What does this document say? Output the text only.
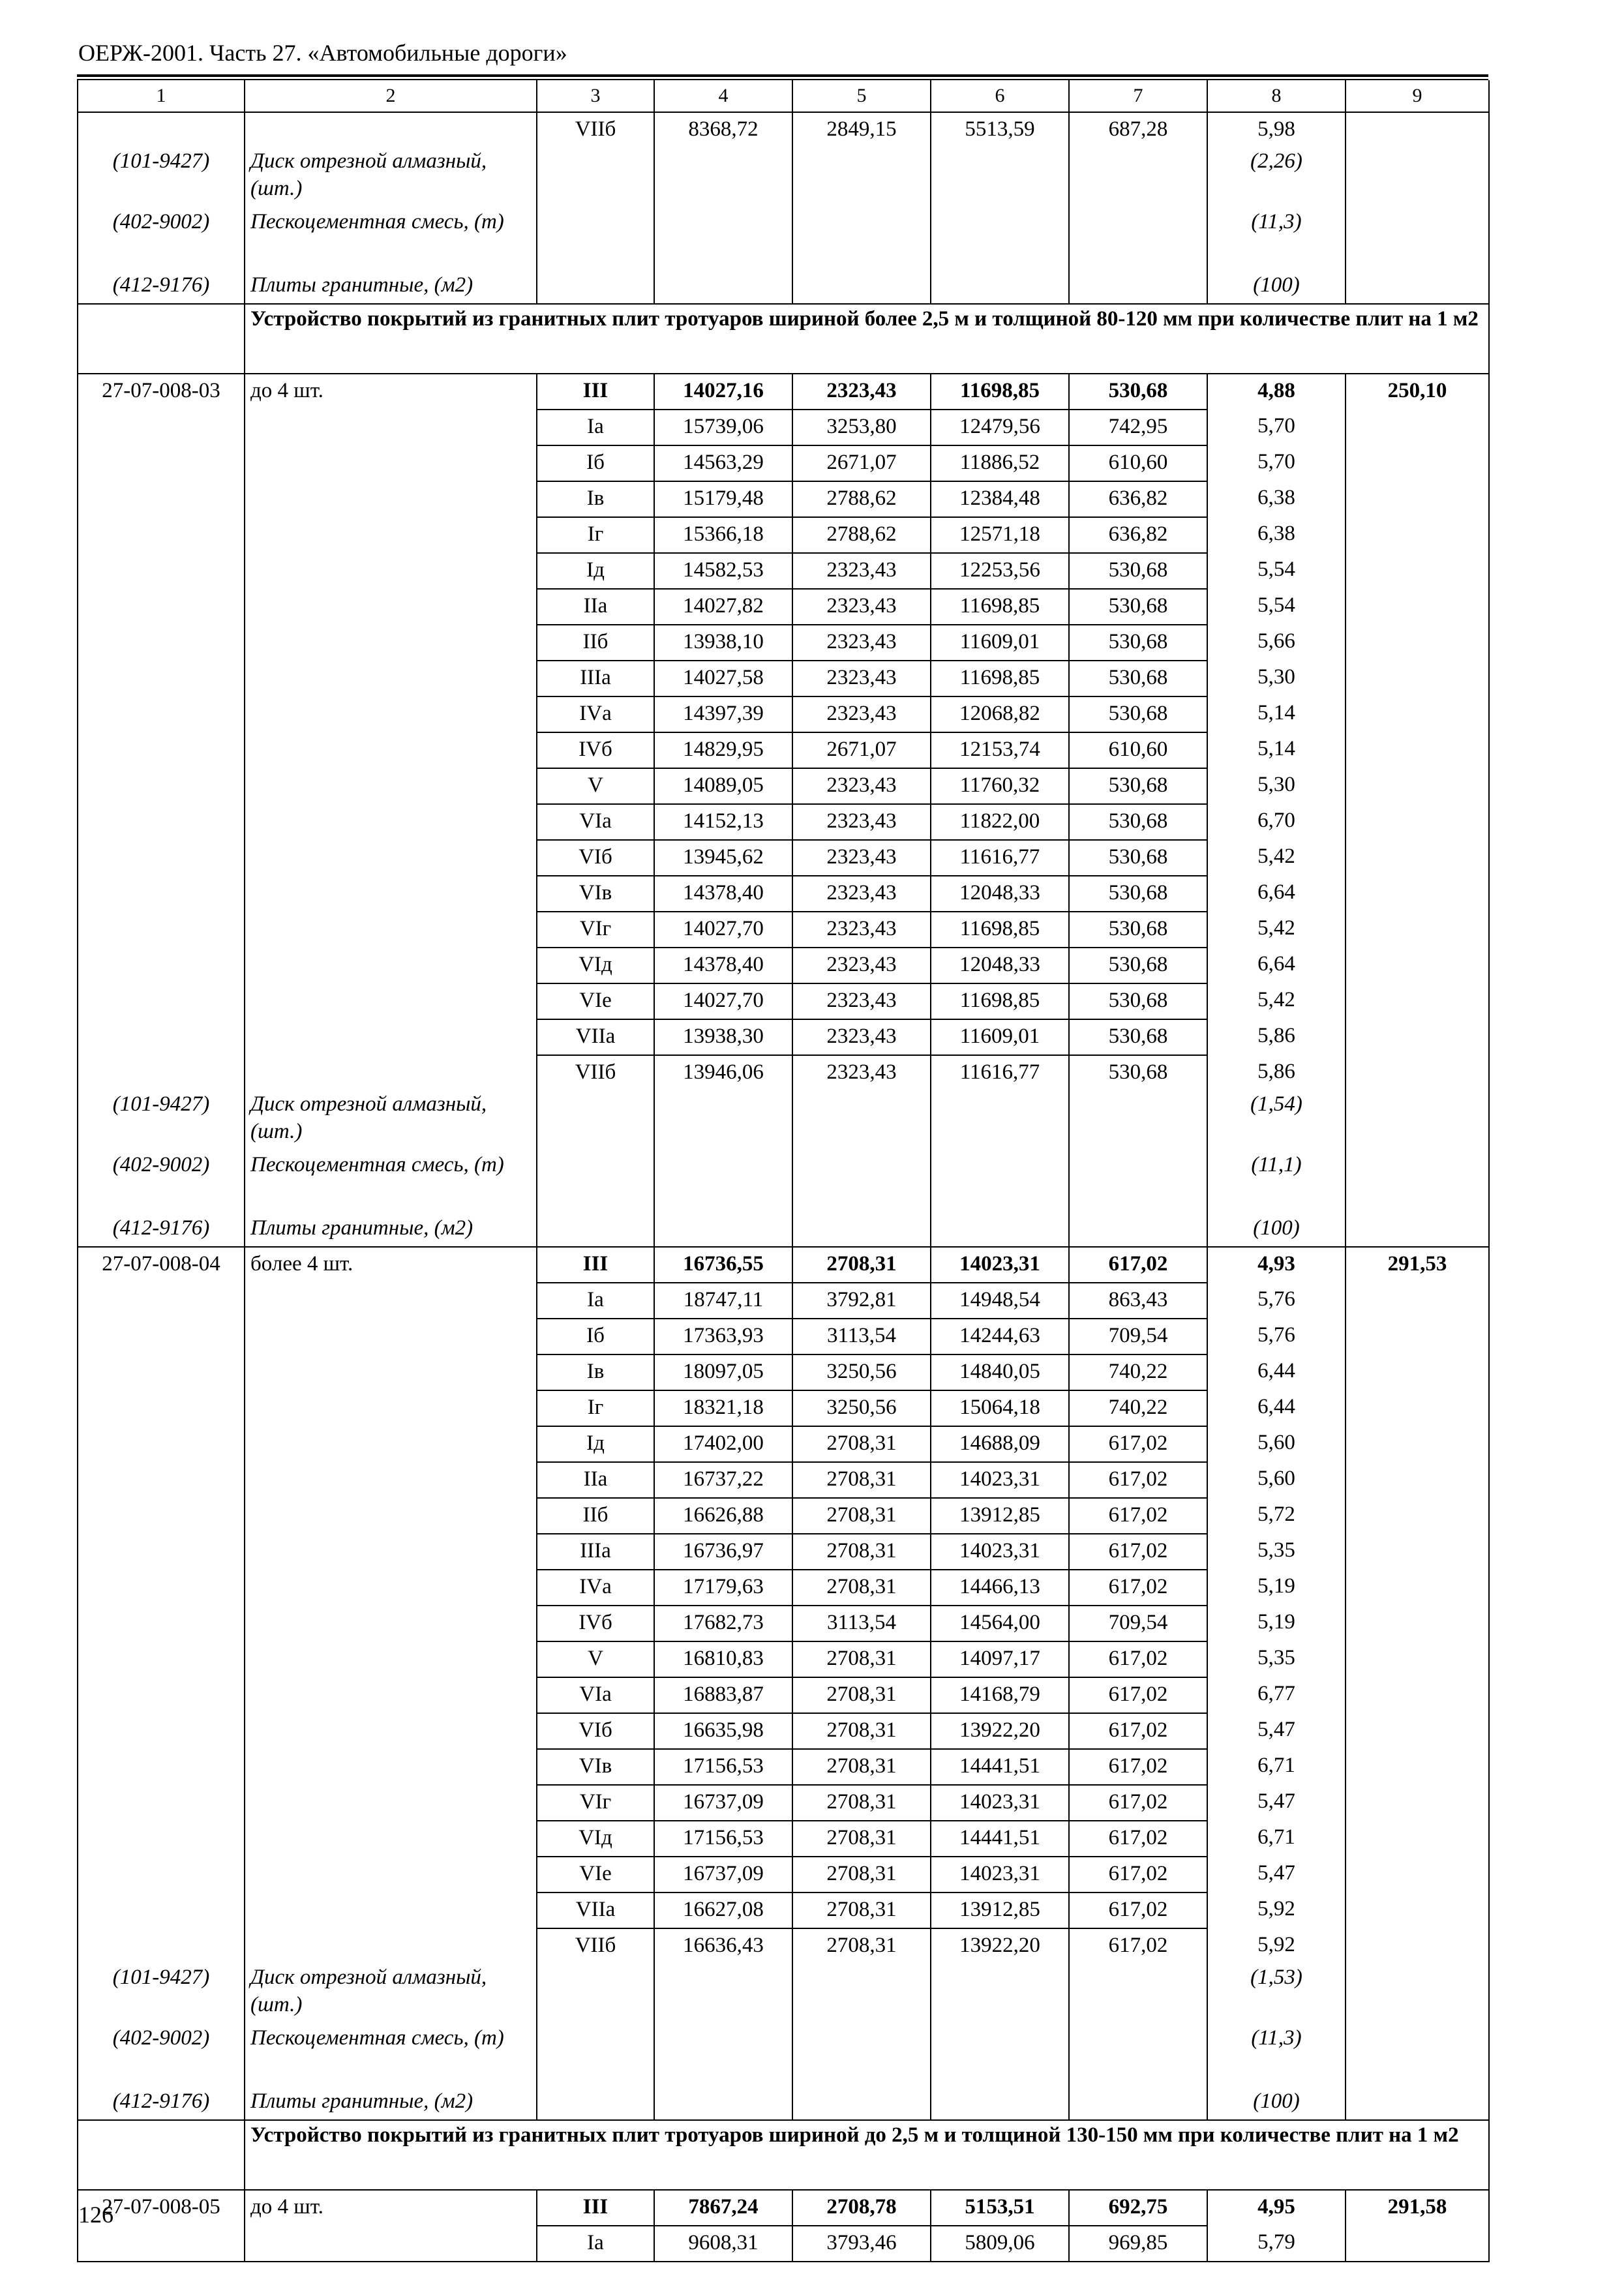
ОЕРЖ-2001. Часть 27. «Автомобильные дороги»
1	2	3	4	5	6	7	8	9
		VIIб	8368,72	2849,15	5513,59	687,28	5,98	
(101-9427)	Диск отрезной алмазный, (шт.)						(2,26)	
(402-9002)	Пескоцементная смесь, (т)						(11,3)	
(412-9176)	Плиты гранитные, (м2)						(100)	
	Устройство покрытий из гранитных плит тротуаров шириной более 2,5 м и толщиной 80-120 мм при количестве плит на 1 м2							
27-07-008-03	до 4 шт.	III	14027,16	2323,43	11698,85	530,68	4,88	250,10
		Iа	15739,06	3253,80	12479,56	742,95	5,70	
		Iб	14563,29	2671,07	11886,52	610,60	5,70	
		Iв	15179,48	2788,62	12384,48	636,82	6,38	
		Iг	15366,18	2788,62	12571,18	636,82	6,38	
		Iд	14582,53	2323,43	12253,56	530,68	5,54	
		IIа	14027,82	2323,43	11698,85	530,68	5,54	
		IIб	13938,10	2323,43	11609,01	530,68	5,66	
		IIIа	14027,58	2323,43	11698,85	530,68	5,30	
		IVа	14397,39	2323,43	12068,82	530,68	5,14	
		IVб	14829,95	2671,07	12153,74	610,60	5,14	
		V	14089,05	2323,43	11760,32	530,68	5,30	
		VIа	14152,13	2323,43	11822,00	530,68	6,70	
		VIб	13945,62	2323,43	11616,77	530,68	5,42	
		VIв	14378,40	2323,43	12048,33	530,68	6,64	
		VIг	14027,70	2323,43	11698,85	530,68	5,42	
		VIд	14378,40	2323,43	12048,33	530,68	6,64	
		VIе	14027,70	2323,43	11698,85	530,68	5,42	
		VIIа	13938,30	2323,43	11609,01	530,68	5,86	
		VIIб	13946,06	2323,43	11616,77	530,68	5,86	
(101-9427)	Диск отрезной алмазный, (шт.)						(1,54)	
(402-9002)	Пескоцементная смесь, (т)						(11,1)	
(412-9176)	Плиты гранитные, (м2)						(100)	
27-07-008-04	более 4 шт.	III	16736,55	2708,31	14023,31	617,02	4,93	291,53
		Iа	18747,11	3792,81	14948,54	863,43	5,76	
		Iб	17363,93	3113,54	14244,63	709,54	5,76	
		Iв	18097,05	3250,56	14840,05	740,22	6,44	
		Iг	18321,18	3250,56	15064,18	740,22	6,44	
		Iд	17402,00	2708,31	14688,09	617,02	5,60	
		IIа	16737,22	2708,31	14023,31	617,02	5,60	
		IIб	16626,88	2708,31	13912,85	617,02	5,72	
		IIIа	16736,97	2708,31	14023,31	617,02	5,35	
		IVа	17179,63	2708,31	14466,13	617,02	5,19	
		IVб	17682,73	3113,54	14564,00	709,54	5,19	
		V	16810,83	2708,31	14097,17	617,02	5,35	
		VIа	16883,87	2708,31	14168,79	617,02	6,77	
		VIб	16635,98	2708,31	13922,20	617,02	5,47	
		VIв	17156,53	2708,31	14441,51	617,02	6,71	
		VIг	16737,09	2708,31	14023,31	617,02	5,47	
		VIд	17156,53	2708,31	14441,51	617,02	6,71	
		VIе	16737,09	2708,31	14023,31	617,02	5,47	
		VIIа	16627,08	2708,31	13912,85	617,02	5,92	
		VIIб	16636,43	2708,31	13922,20	617,02	5,92	
(101-9427)	Диск отрезной алмазный, (шт.)						(1,53)	
(402-9002)	Пескоцементная смесь, (т)						(11,3)	
(412-9176)	Плиты гранитные, (м2)						(100)	
	Устройство покрытий из гранитных плит тротуаров шириной до 2,5 м и толщиной 130-150 мм при количестве плит на 1 м2							
27-07-008-05	до 4 шт.	III	7867,24	2708,78	5153,51	692,75	4,95	291,58
		Iа	9608,31	3793,46	5809,06	969,85	5,79	
126
